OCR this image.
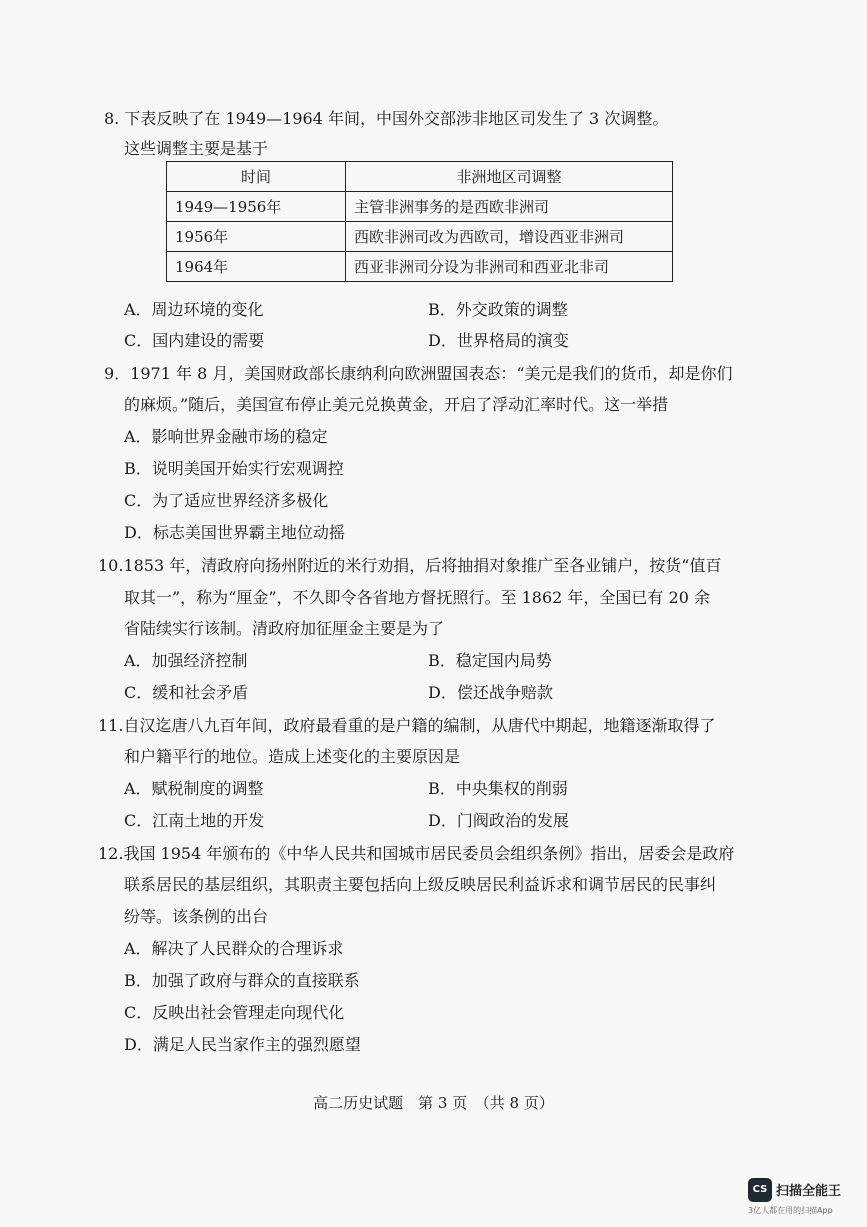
8. 下表反映了在 1949—1964 年间，中国外交部涉非地区司发生了 3 次调整。
这些调整主要是基于
时间	非洲地区司调整
1949—1956年	主管非洲事务的是西欧非洲司
1956年	西欧非洲司改为西欧司，增设西亚非洲司
1964年	西亚非洲司分设为非洲司和西亚北非司
A．周边环境的变化	B．外交政策的调整
C．国内建设的需要	D．世界格局的演变
9．1971 年 8 月，美国财政部长康纳利向欧洲盟国表态：“美元是我们的货币，却是你们
的麻烦。”随后，美国宣布停止美元兑换黄金，开启了浮动汇率时代。这一举措
A．影响世界金融市场的稳定
B．说明美国开始实行宏观调控
C．为了适应世界经济多极化
D．标志美国世界霸主地位动摇
10.1853 年，清政府向扬州附近的米行劝捐，后将抽捐对象推广至各业铺户，按货“值百
取其一”，称为“厘金”，不久即令各省地方督抚照行。至 1862 年，全国已有 20 余
省陆续实行该制。清政府加征厘金主要是为了
A．加强经济控制	B．稳定国内局势
C．缓和社会矛盾	D．偿还战争赔款
11.自汉迄唐八九百年间，政府最看重的是户籍的编制，从唐代中期起，地籍逐渐取得了
和户籍平行的地位。造成上述变化的主要原因是
A．赋税制度的调整	B．中央集权的削弱
C．江南土地的开发	D．门阀政治的发展
12.我国 1954 年颁布的《中华人民共和国城市居民委员会组织条例》指出，居委会是政府
联系居民的基层组织，其职责主要包括向上级反映居民利益诉求和调节居民的民事纠
纷等。该条例的出台
A．解决了人民群众的合理诉求
B．加强了政府与群众的直接联系
C．反映出社会管理走向现代化
D．满足人民当家作主的强烈愿望
高二历史试题　第 3 页　（共 8 页）
CS 扫描全能王
3亿人都在用的扫描App
